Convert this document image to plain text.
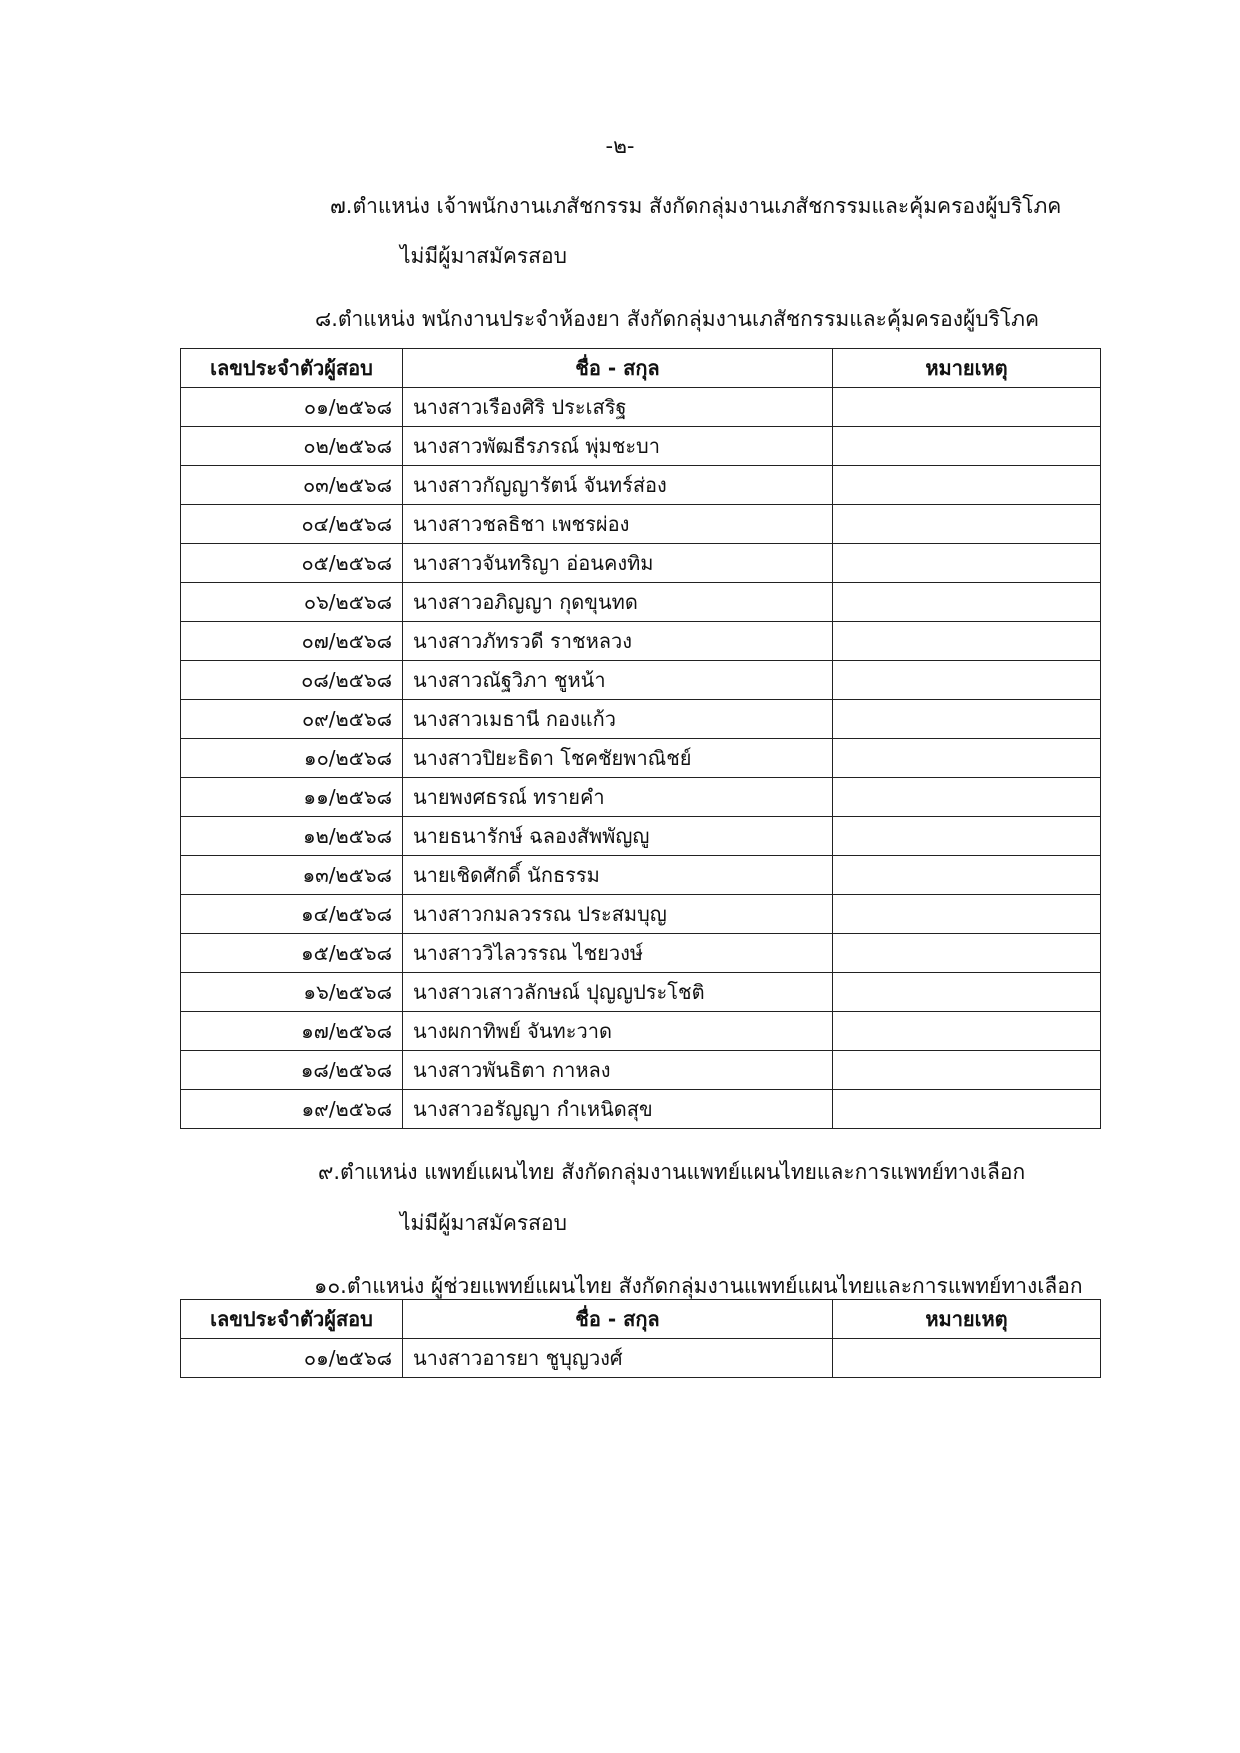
-๒-
๗.ตำแหน่ง เจ้าพนักงานเภสัชกรรม สังกัดกลุ่มงานเภสัชกรรมและคุ้มครองผู้บริโภค
ไม่มีผู้มาสมัครสอบ
๘.ตำแหน่ง พนักงานประจำห้องยา สังกัดกลุ่มงานเภสัชกรรมและคุ้มครองผู้บริโภค
เลขประจำตัวผู้สอบ	ชื่อ - สกุล	หมายเหตุ
๐๑/๒๕๖๘	นางสาวเรืองศิริ ประเสริฐ	
๐๒/๒๕๖๘	นางสาวพัฒธีรภรณ์ พุ่มชะบา	
๐๓/๒๕๖๘	นางสาวกัญญารัตน์ จันทร์ส่อง	
๐๔/๒๕๖๘	นางสาวชลธิชา เพชรผ่อง	
๐๕/๒๕๖๘	นางสาวจันทริญา อ่อนคงทิม	
๐๖/๒๕๖๘	นางสาวอภิญญา กุดขุนทด	
๐๗/๒๕๖๘	นางสาวภัทรวดี ราชหลวง	
๐๘/๒๕๖๘	นางสาวณัฐวิภา ชูหน้า	
๐๙/๒๕๖๘	นางสาวเมธานี กองแก้ว	
๑๐/๒๕๖๘	นางสาวปิยะธิดา โชคชัยพาณิชย์	
๑๑/๒๕๖๘	นายพงศธรณ์ ทรายคำ	
๑๒/๒๕๖๘	นายธนารักษ์ ฉลองสัพพัญญู	
๑๓/๒๕๖๘	นายเชิดศักดิ์ นักธรรม	
๑๔/๒๕๖๘	นางสาวกมลวรรณ ประสมบุญ	
๑๕/๒๕๖๘	นางสาววิไลวรรณ ไชยวงษ์	
๑๖/๒๕๖๘	นางสาวเสาวลักษณ์ ปุญญประโชติ	
๑๗/๒๕๖๘	นางผกาทิพย์ จันทะวาด	
๑๘/๒๕๖๘	นางสาวพันธิตา กาหลง	
๑๙/๒๕๖๘	นางสาวอรัญญา กำเหนิดสุข	
๙.ตำแหน่ง แพทย์แผนไทย สังกัดกลุ่มงานแพทย์แผนไทยและการแพทย์ทางเลือก
ไม่มีผู้มาสมัครสอบ
๑๐.ตำแหน่ง ผู้ช่วยแพทย์แผนไทย สังกัดกลุ่มงานแพทย์แผนไทยและการแพทย์ทางเลือก
เลขประจำตัวผู้สอบ	ชื่อ - สกุล	หมายเหตุ
๐๑/๒๕๖๘	นางสาวอารยา ชูบุญวงศ์	
